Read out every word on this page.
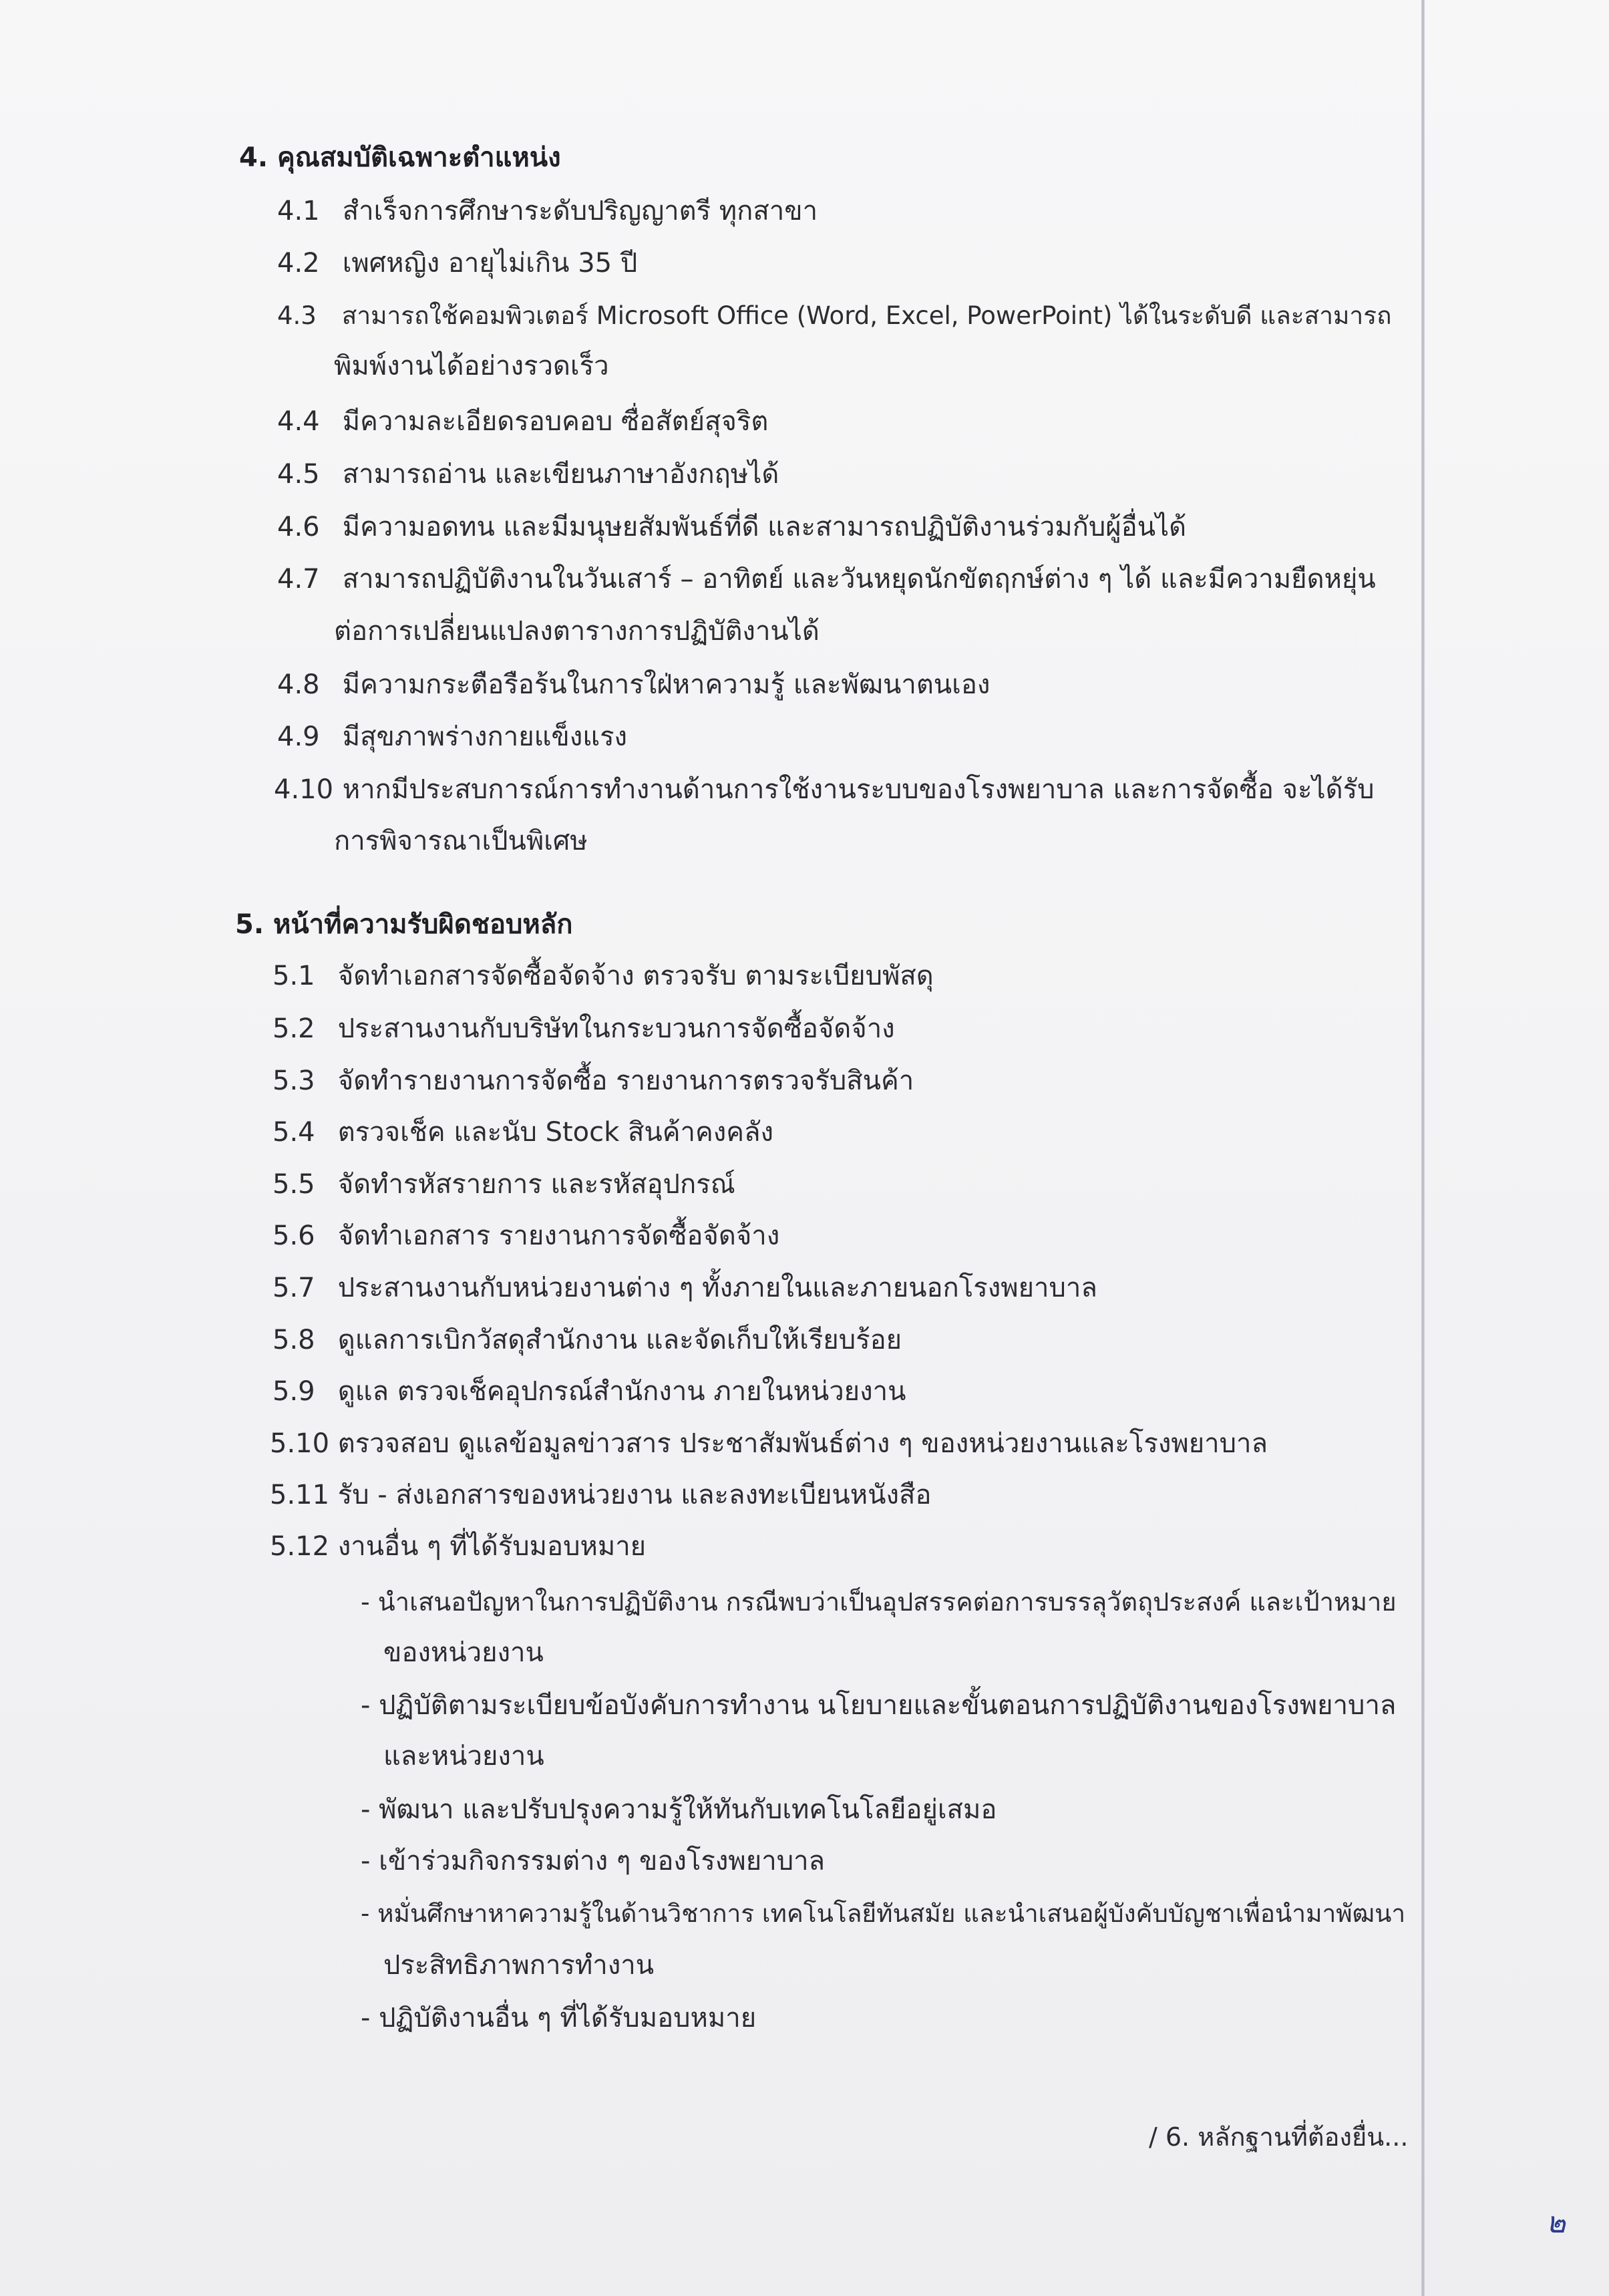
4. คุณสมบัติเฉพาะตำแหน่ง
4.1 สำเร็จการศึกษาระดับปริญญาตรี ทุกสาขา
4.2 เพศหญิง อายุไม่เกิน 35 ปี
4.3 สามารถใช้คอมพิวเตอร์ Microsoft Office (Word, Excel, PowerPoint) ได้ในระดับดี และสามารถ
พิมพ์งานได้อย่างรวดเร็ว
4.4 มีความละเอียดรอบคอบ ซื่อสัตย์สุจริต
4.5 สามารถอ่าน และเขียนภาษาอังกฤษได้
4.6 มีความอดทน และมีมนุษยสัมพันธ์ที่ดี และสามารถปฏิบัติงานร่วมกับผู้อื่นได้
4.7 สามารถปฏิบัติงานในวันเสาร์ – อาทิตย์ และวันหยุดนักขัตฤกษ์ต่าง ๆ ได้ และมีความยืดหยุ่น
ต่อการเปลี่ยนแปลงตารางการปฏิบัติงานได้
4.8 มีความกระตือรือร้นในการใฝ่หาความรู้ และพัฒนาตนเอง
4.9 มีสุขภาพร่างกายแข็งแรง
4.10 หากมีประสบการณ์การทำงานด้านการใช้งานระบบของโรงพยาบาล และการจัดซื้อ จะได้รับ
การพิจารณาเป็นพิเศษ
5. หน้าที่ความรับผิดชอบหลัก
5.1 จัดทำเอกสารจัดซื้อจัดจ้าง ตรวจรับ ตามระเบียบพัสดุ
5.2 ประสานงานกับบริษัทในกระบวนการจัดซื้อจัดจ้าง
5.3 จัดทำรายงานการจัดซื้อ รายงานการตรวจรับสินค้า
5.4 ตรวจเช็ค และนับ Stock สินค้าคงคลัง
5.5 จัดทำรหัสรายการ และรหัสอุปกรณ์
5.6 จัดทำเอกสาร รายงานการจัดซื้อจัดจ้าง
5.7 ประสานงานกับหน่วยงานต่าง ๆ ทั้งภายในและภายนอกโรงพยาบาล
5.8 ดูแลการเบิกวัสดุสำนักงาน และจัดเก็บให้เรียบร้อย
5.9 ดูแล ตรวจเช็คอุปกรณ์สำนักงาน ภายในหน่วยงาน
5.10 ตรวจสอบ ดูแลข้อมูลข่าวสาร ประชาสัมพันธ์ต่าง ๆ ของหน่วยงานและโรงพยาบาล
5.11 รับ - ส่งเอกสารของหน่วยงาน และลงทะเบียนหนังสือ
5.12 งานอื่น ๆ ที่ได้รับมอบหมาย
- นำเสนอปัญหาในการปฏิบัติงาน กรณีพบว่าเป็นอุปสรรคต่อการบรรลุวัตถุประสงค์ และเป้าหมาย
ของหน่วยงาน
- ปฏิบัติตามระเบียบข้อบังคับการทำงาน นโยบายและขั้นตอนการปฏิบัติงานของโรงพยาบาล
และหน่วยงาน
- พัฒนา และปรับปรุงความรู้ให้ทันกับเทคโนโลยีอยู่เสมอ
- เข้าร่วมกิจกรรมต่าง ๆ ของโรงพยาบาล
- หมั่นศึกษาหาความรู้ในด้านวิชาการ เทคโนโลยีทันสมัย และนำเสนอผู้บังคับบัญชาเพื่อนำมาพัฒนา
ประสิทธิภาพการทำงาน
- ปฏิบัติงานอื่น ๆ ที่ได้รับมอบหมาย
/ 6. หลักฐานที่ต้องยื่น...
๒
